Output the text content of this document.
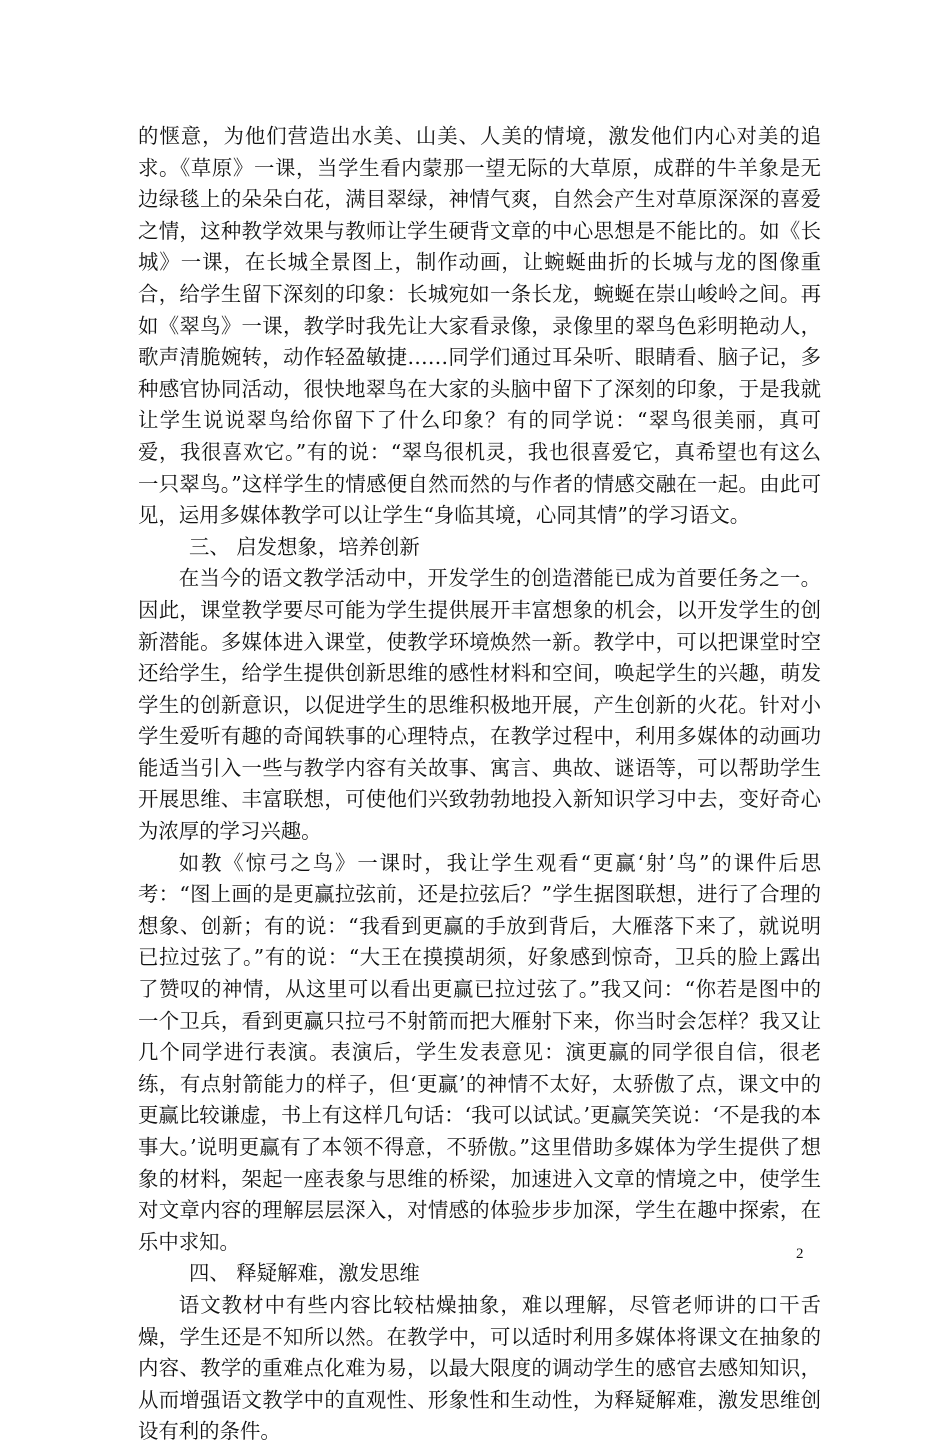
的惬意，为他们营造出水美、山美、人美的情境，激发他们内心对美的追求。《草原》一课，当学生看内蒙那一望无际的大草原，成群的牛羊象是无边绿毯上的朵朵白花，满目翠绿，神情气爽，自然会产生对草原深深的喜爱之情，这种教学效果与教师让学生硬背文章的中心思想是不能比的。如《长城》一课，在长城全景图上，制作动画，让蜿蜒曲折的长城与龙的图像重合，给学生留下深刻的印象：长城宛如一条长龙，蜿蜒在崇山峻岭之间。再如《翠鸟》一课，教学时我先让大家看录像，录像里的翠鸟色彩明艳动人，歌声清脆婉转，动作轻盈敏捷……同学们通过耳朵听、眼睛看、脑子记，多种感官协同活动，很快地翠鸟在大家的头脑中留下了深刻的印象，于是我就让学生说说翠鸟给你留下了什么印象？有的同学说：“翠鸟很美丽，真可爱，我很喜欢它。”有的说：“翠鸟很机灵，我也很喜爱它，真希望也有这么一只翠鸟。”这样学生的情感便自然而然的与作者的情感交融在一起。由此可见，运用多媒体教学可以让学生“身临其境，心同其情”的学习语文。

三、 启发想象，培养创新

在当今的语文教学活动中，开发学生的创造潜能已成为首要任务之一。因此，课堂教学要尽可能为学生提供展开丰富想象的机会，以开发学生的创新潜能。多媒体进入课堂，使教学环境焕然一新。教学中，可以把课堂时空还给学生，给学生提供创新思维的感性材料和空间，唤起学生的兴趣，萌发学生的创新意识，以促进学生的思维积极地开展，产生创新的火花。针对小学生爱听有趣的奇闻轶事的心理特点，在教学过程中，利用多媒体的动画功能适当引入一些与教学内容有关故事、寓言、典故、谜语等，可以帮助学生开展思维、丰富联想，可使他们兴致勃勃地投入新知识学习中去，变好奇心为浓厚的学习兴趣。

如教《惊弓之鸟》一课时，我让学生观看“更赢‘射’鸟”的课件后思考：“图上画的是更赢拉弦前，还是拉弦后？”学生据图联想，进行了合理的想象、创新；有的说：“我看到更赢的手放到背后，大雁落下来了，就说明已拉过弦了。”有的说：“大王在摸摸胡须，好象感到惊奇，卫兵的脸上露出了赞叹的神情，从这里可以看出更赢已拉过弦了。”我又问：“你若是图中的一个卫兵，看到更赢只拉弓不射箭而把大雁射下来，你当时会怎样？我又让几个同学进行表演。表演后，学生发表意见：演更赢的同学很自信，很老练，有点射箭能力的样子，但‘更赢’的神情不太好，太骄傲了点，课文中的更赢比较谦虚，书上有这样几句话：‘我可以试试。’更赢笑笑说：‘不是我的本事大。’说明更赢有了本领不得意，不骄傲。”这里借助多媒体为学生提供了想象的材料，架起一座表象与思维的桥梁，加速进入文章的情境之中，使学生对文章内容的理解层层深入，对情感的体验步步加深，学生在趣中探索，在乐中求知。

四、 释疑解难，激发思维

语文教材中有些内容比较枯燥抽象，难以理解，尽管老师讲的口干舌燥，学生还是不知所以然。在教学中，可以适时利用多媒体将课文在抽象的内容、教学的重难点化难为易，以最大限度的调动学生的感官去感知知识，从而增强语文教学中的直观性、形象性和生动性，为释疑解难，激发思维创设有利的条件。

2
